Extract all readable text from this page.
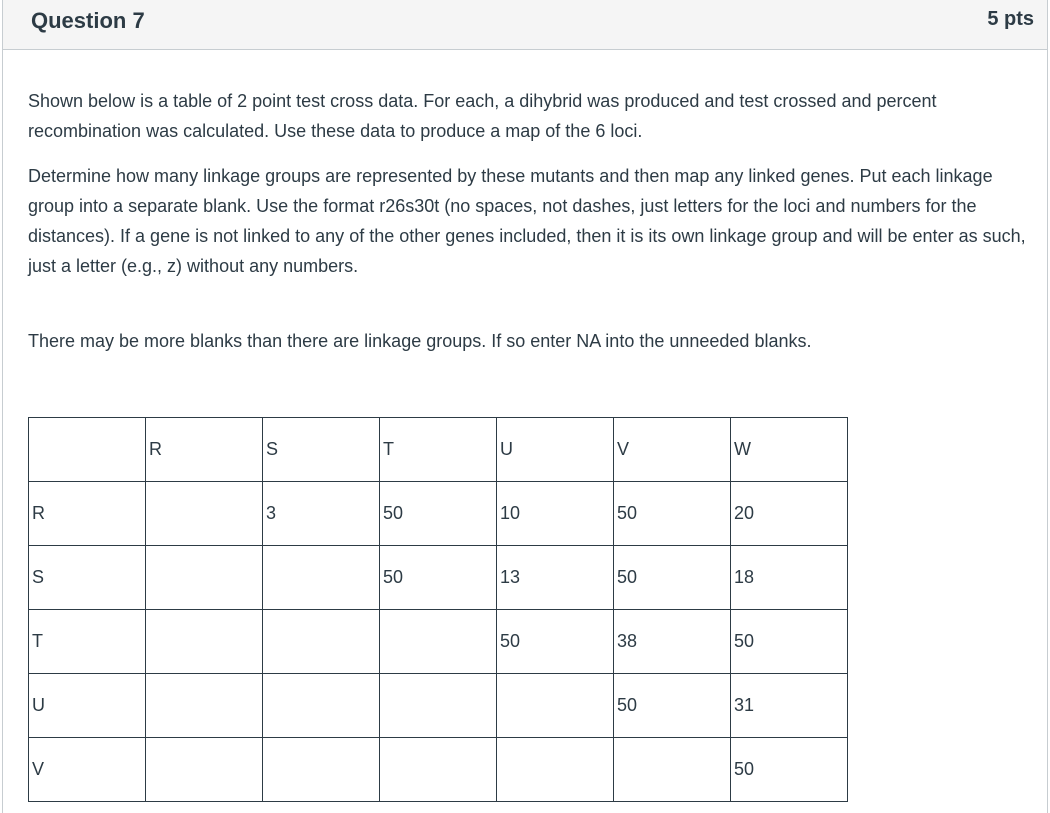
Question 7	5 pts

Shown below is a table of 2 point test cross data. For each, a dihybrid was produced and test crossed and percent recombination was calculated. Use these data to produce a map of the 6 loci.

Determine how many linkage groups are represented by these mutants and then map any linked genes. Put each linkage group into a separate blank. Use the format r26s30t (no spaces, not dashes, just letters for the loci and numbers for the distances). If a gene is not linked to any of the other genes included, then it is its own linkage group and will be enter as such, just a letter (e.g., z) without any numbers.

There may be more blanks than there are linkage groups. If so enter NA into the unneeded blanks.

	R	S	T	U	V	W
R		3	50	10	50	20
S			50	13	50	18
T				50	38	50
U					50	31
V						50
